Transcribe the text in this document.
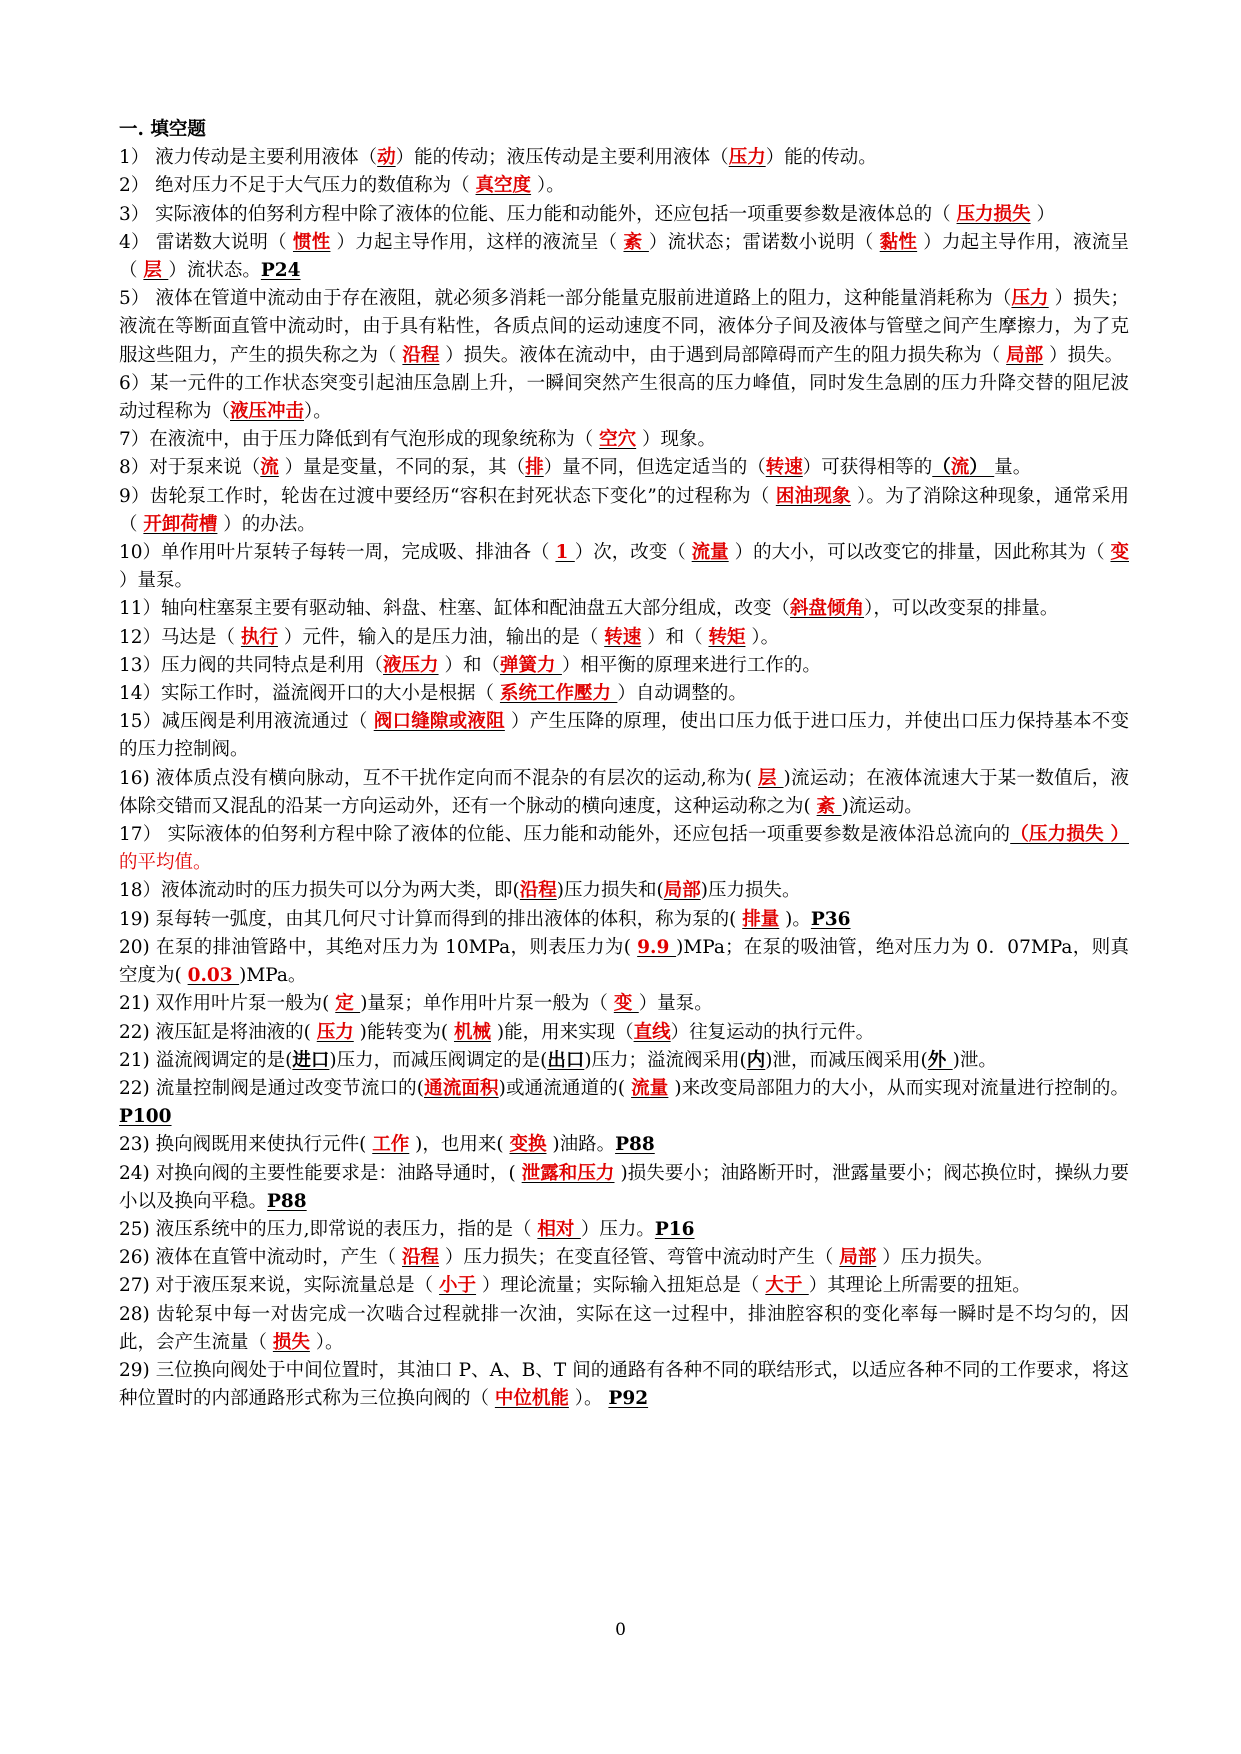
一. 填空题

1） 液力传动是主要利用液体（动）能的传动；液压传动是主要利用液体（压力）能的传动。

2） 绝对压力不足于大气压力的数值称为（ 真空度 ）。

3） 实际液体的伯努利方程中除了液体的位能、压力能和动能外，还应包括一项重要参数是液体总的（ 压力损失 ）

4） 雷诺数大说明（ 惯性 ）力起主导作用，这样的液流呈（ 紊 ）流状态；雷诺数小说明（ 黏性 ）力起主导作用，液流呈（ 层 ）流状态。P24

5） 液体在管道中流动由于存在液阻，就必须多消耗一部分能量克服前进道路上的阻力，这种能量消耗称为（压力 ）损失；液流在等断面直管中流动时，由于具有粘性，各质点间的运动速度不同，液体分子间及液体与管壁之间产生摩擦力，为了克服这些阻力，产生的损失称之为（ 沿程 ）损失。液体在流动中，由于遇到局部障碍而产生的阻力损失称为（ 局部 ）损失。

6）某一元件的工作状态突变引起油压急剧上升，一瞬间突然产生很高的压力峰值，同时发生急剧的压力升降交替的阻尼波动过程称为（液压冲击）。

7）在液流中，由于压力降低到有气泡形成的现象统称为（ 空穴 ）现象。

8）对于泵来说（流 ）量是变量，不同的泵，其（排）量不同，但选定适当的（转速）可获得相等的（流） 量。

9）齿轮泵工作时，轮齿在过渡中要经历“容积在封死状态下变化”的过程称为（ 困油现象 ）。为了消除这种现象，通常采用（ 开卸荷槽 ）的办法。

10）单作用叶片泵转子每转一周，完成吸、排油各（ 1 ）次，改变（ 流量 ）的大小，可以改变它的排量，因此称其为（ 变 ）量泵。

11）轴向柱塞泵主要有驱动轴、斜盘、柱塞、缸体和配油盘五大部分组成，改变（斜盘倾角），可以改变泵的排量。

12）马达是（ 执行 ）元件，输入的是压力油，输出的是（ 转速 ）和（ 转矩 ）。

13）压力阀的共同特点是利用（液压力 ）和（弹簧力 ）相平衡的原理来进行工作的。

14）实际工作时，溢流阀开口的大小是根据（ 系统工作壓力 ）自动调整的。

15）减压阀是利用液流通过（ 阀口缝隙或液阻 ）产生压降的原理，使出口压力低于进口压力，并使出口压力保持基本不变的压力控制阀。

16) 液体质点没有横向脉动，互不干扰作定向而不混杂的有层次的运动,称为( 层 )流运动；在液体流速大于某一数值后，液体除交错而又混乱的沿某一方向运动外，还有一个脉动的横向速度，这种运动称之为( 紊 )流运动。

17） 实际液体的伯努利方程中除了液体的位能、压力能和动能外，还应包括一项重要参数是液体沿总流向的（压力损失 ）的平均值。

18）液体流动时的压力损失可以分为两大类，即(沿程)压力损失和(局部)压力损失。

19) 泵每转一弧度，由其几何尺寸计算而得到的排出液体的体积，称为泵的( 排量 )。P36

20) 在泵的排油管路中，其绝对压力为 10MPa，则表压力为( 9.9 )MPa；在泵的吸油管，绝对压力为 0．07MPa，则真空度为( 0.03 )MPa。

21) 双作用叶片泵一般为( 定 )量泵；单作用叶片泵一般为（ 变 ）量泵。

22) 液压缸是将油液的( 压力 )能转变为( 机械 )能，用来实现（直线）往复运动的执行元件。

21) 溢流阀调定的是(进口)压力，而减压阀调定的是(出口)压力；溢流阀采用(内)泄，而减压阀采用(外 )泄。

22) 流量控制阀是通过改变节流口的(通流面积)或通流通道的( 流量 )来改变局部阻力的大小，从而实现对流量进行控制的。P100

23) 换向阀既用来使执行元件( 工作 )，也用来( 变换 )油路。P88

24) 对换向阀的主要性能要求是：油路导通时，( 泄露和压力 )损失要小；油路断开时，泄露量要小；阀芯换位时，操纵力要小以及换向平稳。P88

25) 液压系统中的压力,即常说的表压力，指的是（ 相对 ）压力。P16

26) 液体在直管中流动时，产生（ 沿程 ）压力损失；在变直径管、弯管中流动时产生（ 局部 ）压力损失。

27) 对于液压泵来说，实际流量总是（ 小于 ）理论流量；实际输入扭矩总是（ 大于 ）其理论上所需要的扭矩。

28) 齿轮泵中每一对齿完成一次啮合过程就排一次油，实际在这一过程中，排油腔容积的变化率每一瞬时是不均匀的，因此，会产生流量（ 损失 ）。

29) 三位换向阀处于中间位置时，其油口 P、A、B、T 间的通路有各种不同的联结形式，以适应各种不同的工作要求，将这种位置时的内部通路形式称为三位换向阀的（ 中位机能 ）。 P92

0
